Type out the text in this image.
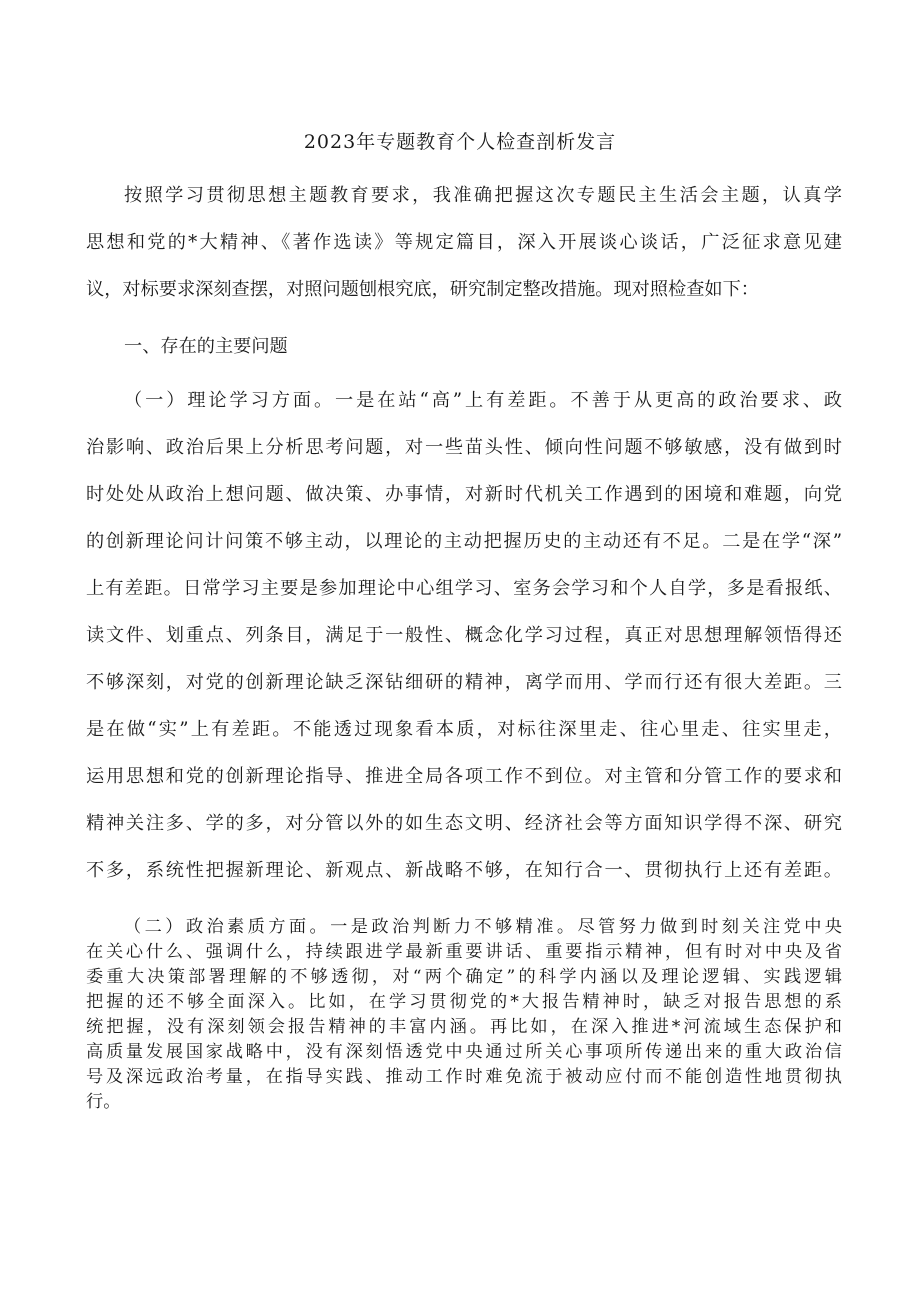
2023年专题教育个人检查剖析发言
按照学习贯彻思想主题教育要求，我准确把握这次专题民主生活会主题，认真学
思想和党的*大精神、《著作选读》等规定篇目，深入开展谈心谈话，广泛征求意见建
议，对标要求深刻查摆，对照问题刨根究底，研究制定整改措施。现对照检查如下：
一、存在的主要问题
（一）理论学习方面。一是在站“高”上有差距。不善于从更高的政治要求、政
治影响、政治后果上分析思考问题，对一些苗头性、倾向性问题不够敏感，没有做到时
时处处从政治上想问题、做决策、办事情，对新时代机关工作遇到的困境和难题，向党
的创新理论问计问策不够主动，以理论的主动把握历史的主动还有不足。二是在学“深”
上有差距。日常学习主要是参加理论中心组学习、室务会学习和个人自学，多是看报纸、
读文件、划重点、列条目，满足于一般性、概念化学习过程，真正对思想理解领悟得还
不够深刻，对党的创新理论缺乏深钻细研的精神，离学而用、学而行还有很大差距。三
是在做“实”上有差距。不能透过现象看本质，对标往深里走、往心里走、往实里走，
运用思想和党的创新理论指导、推进全局各项工作不到位。对主管和分管工作的要求和
精神关注多、学的多，对分管以外的如生态文明、经济社会等方面知识学得不深、研究
不多，系统性把握新理论、新观点、新战略不够，在知行合一、贯彻执行上还有差距。
（二）政治素质方面。一是政治判断力不够精准。尽管努力做到时刻关注党中央
在关心什么、强调什么，持续跟进学最新重要讲话、重要指示精神，但有时对中央及省
委重大决策部署理解的不够透彻，对“两个确定”的科学内涵以及理论逻辑、实践逻辑
把握的还不够全面深入。比如，在学习贯彻党的*大报告精神时，缺乏对报告思想的系
统把握，没有深刻领会报告精神的丰富内涵。再比如，在深入推进*河流域生态保护和
高质量发展国家战略中，没有深刻悟透党中央通过所关心事项所传递出来的重大政治信
号及深远政治考量，在指导实践、推动工作时难免流于被动应付而不能创造性地贯彻执
行。
